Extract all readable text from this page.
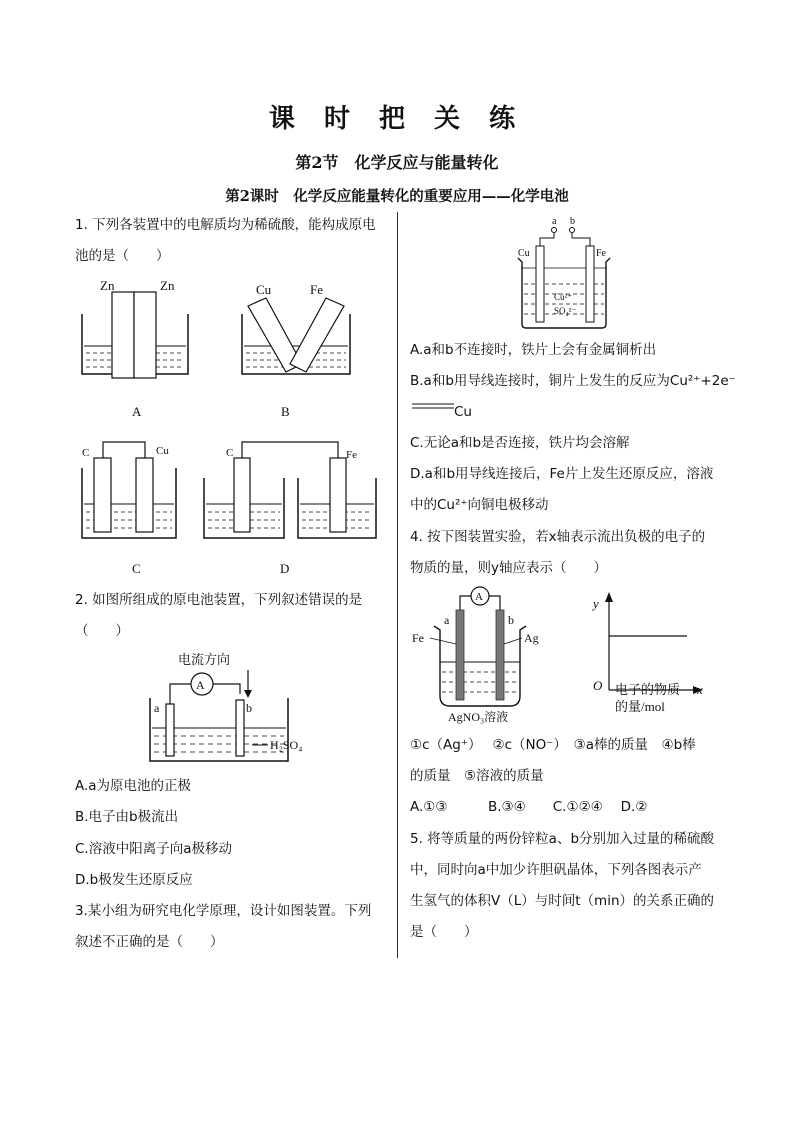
课 时 把 关 练
第2节　化学反应与能量转化
第2课时　化学反应能量转化的重要应用——化学电池
1. 下列各装置中的电解质均为稀硫酸，能构成原电
池的是（　　）
Zn	Zn
A
Cu	Fe
B
C	Cu
C
C	Fe
D
2. 如图所组成的原电池装置，下列叙述错误的是
（　　）
电流方向
A
a	b
H₂SO₄
A.a为原电池的正极
B.电子由b极流出
C.溶液中阳离子向a极移动
D.b极发生还原反应
3.某小组为研究电化学原理，设计如图装置。下列
叙述不正确的是（　　）
a b
Cu	Fe
Cu²⁺
SO₄²⁻
A.a和b不连接时，铁片上会有金属铜析出
B.a和b用导线连接时，铜片上发生的反应为Cu²⁺+2e⁻
Cu
C.无论a和b是否连接，铁片均会溶解
D.a和b用导线连接后，Fe片上发生还原反应，溶液
中的Cu²⁺向铜电极移动
4. 按下图装置实验，若x轴表示流出负极的电子的
物质的量，则y轴应表示（　　）
A
a	b
Fe	Ag
AgNO₃溶液
y
x
O 电子的物质
的量/mol
①c（Ag⁺）　 ②c（NO⁻）　③a棒的质量　④b棒
的质量　⑤溶液的质量
A.①③　　　B.③④　　C.①②④　 D.②
5. 将等质量的两份锌粒a、b分别加入过量的稀硫酸
中，同时向a中加少许胆矾晶体，下列各图表示产
生氢气的体积V（L）与时间t（min）的关系正确的
是（　　）
